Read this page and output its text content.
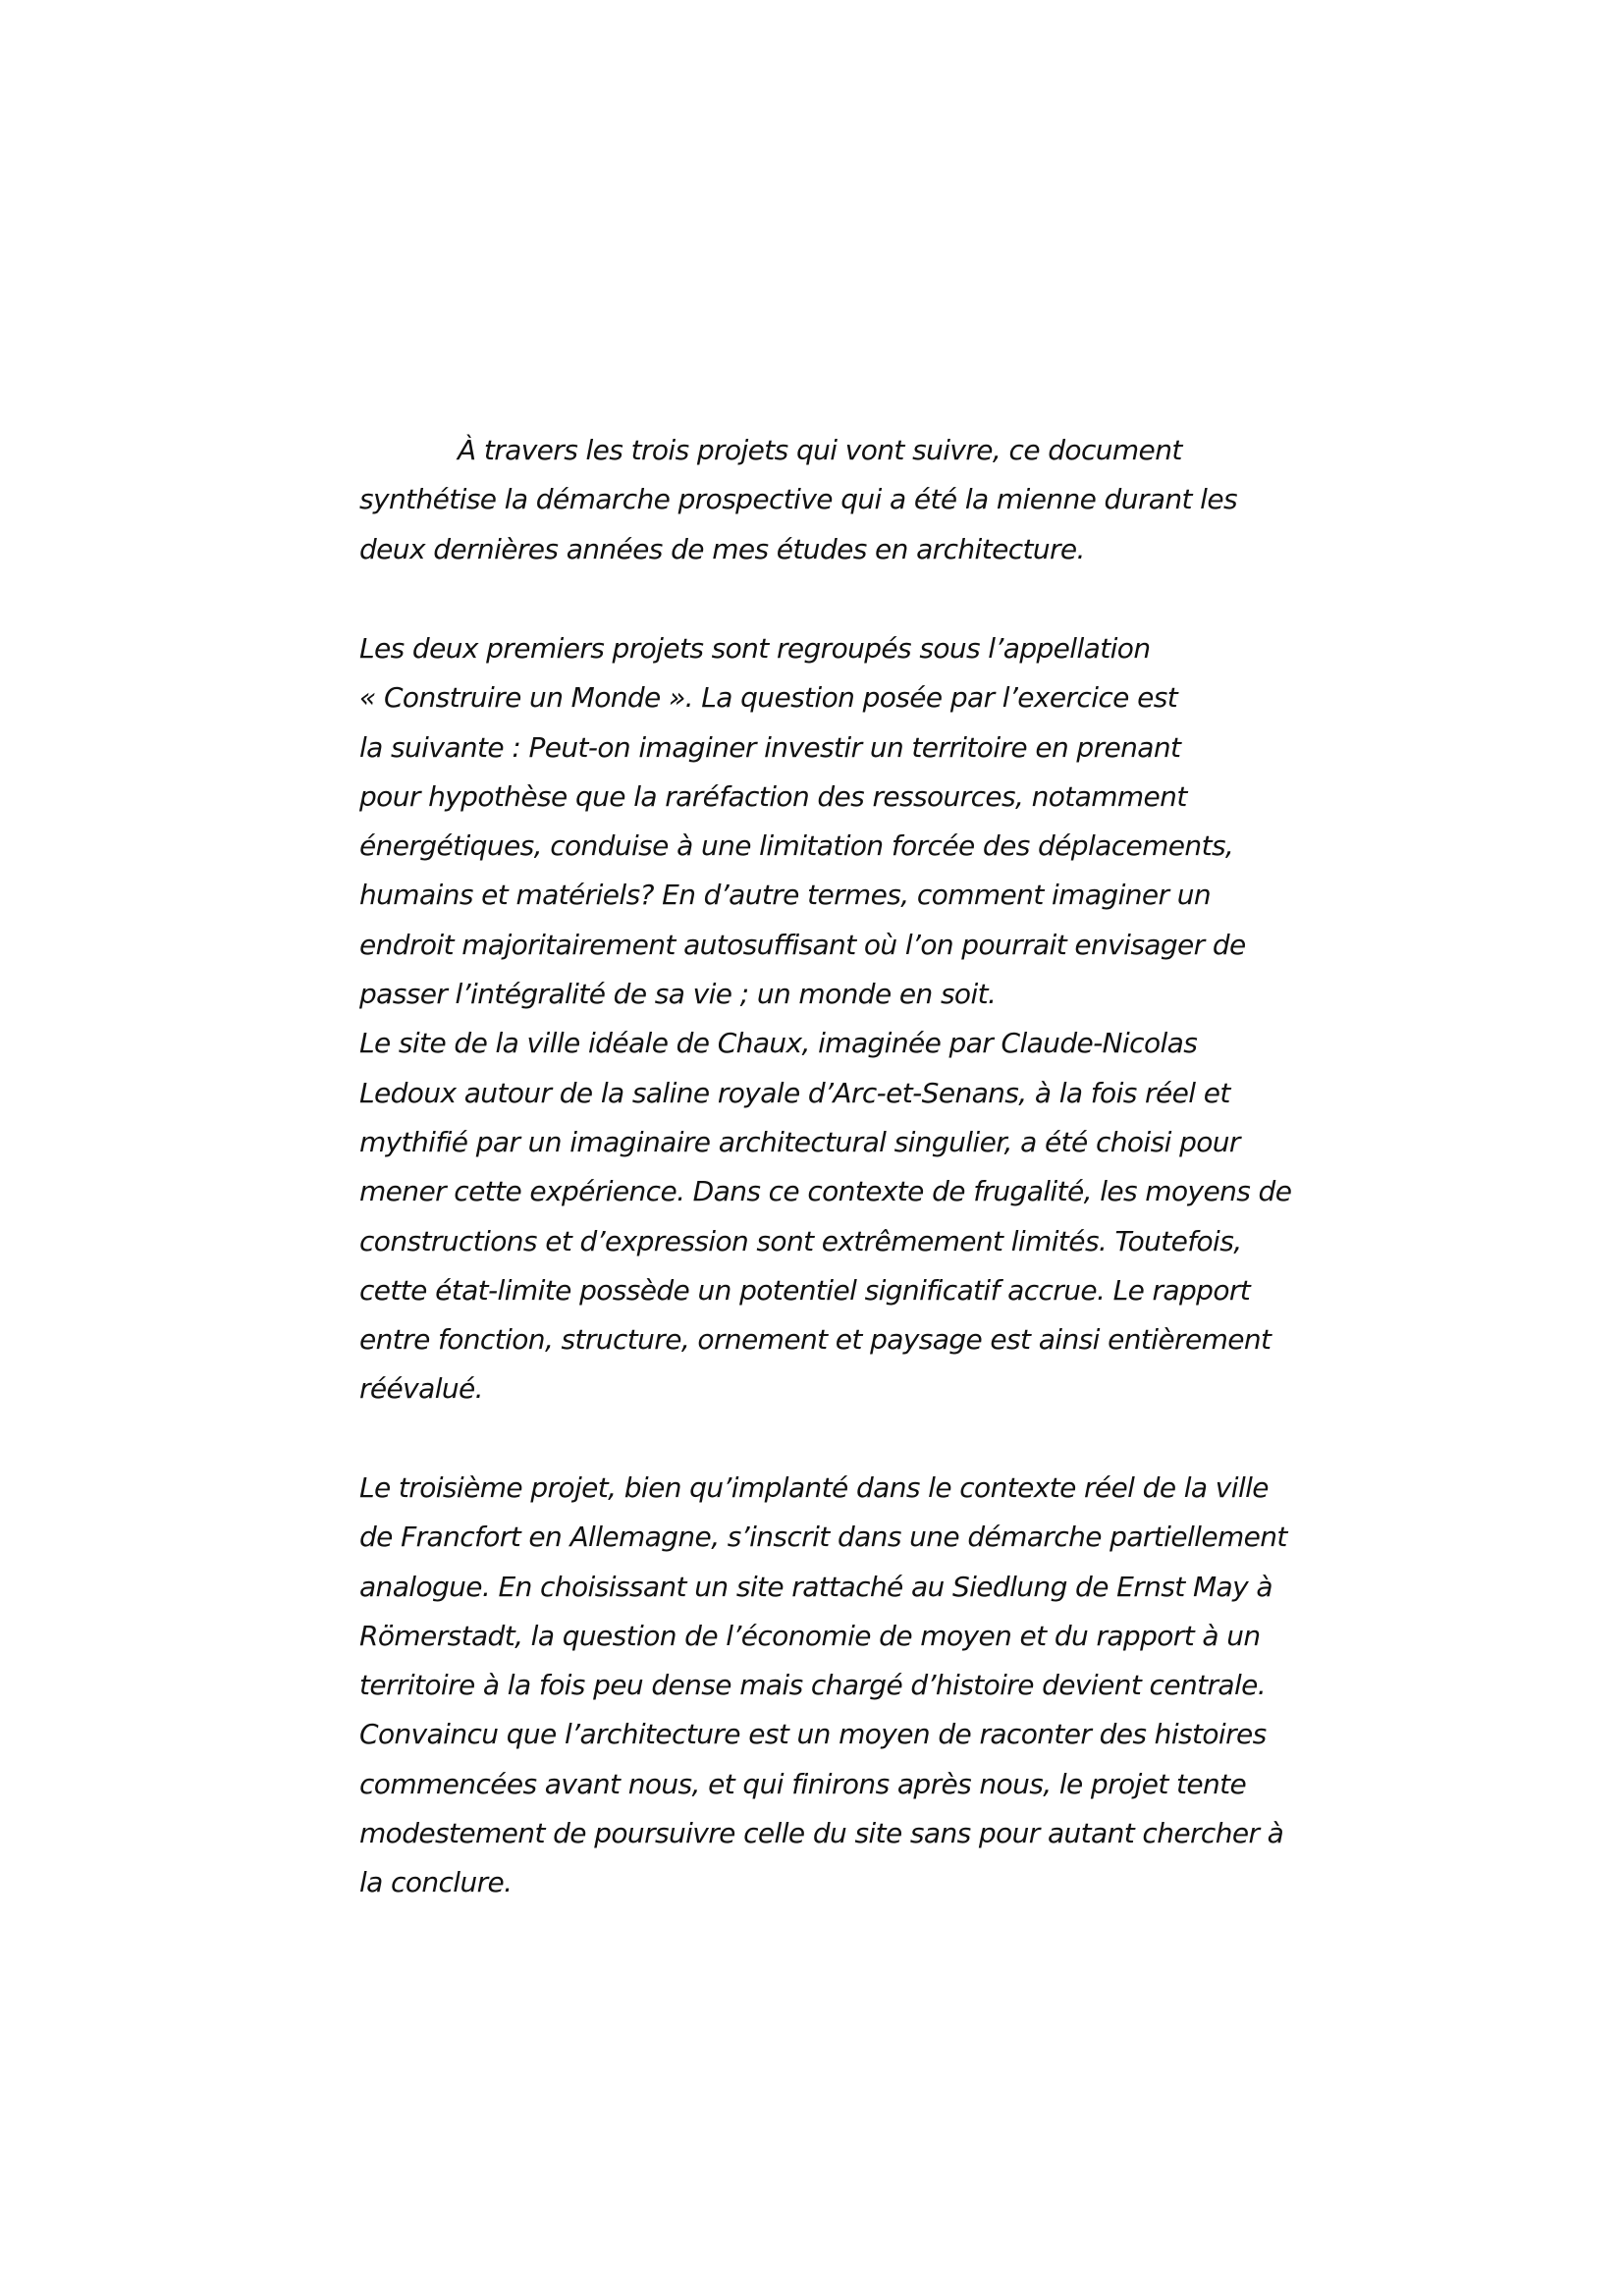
À travers les trois projets qui vont suivre, ce document
synthétise la démarche prospective qui a été la mienne durant les
deux dernières années de mes études en architecture.
Les deux premiers projets sont regroupés sous l’appellation
« Construire un Monde ». La question posée par l’exercice est
la suivante : Peut-on imaginer investir un territoire en prenant
pour hypothèse que la raréfaction des ressources, notamment
énergétiques, conduise à une limitation forcée des déplacements,
humains et matériels? En d’autre termes, comment imaginer un
endroit majoritairement autosuffisant où l’on pourrait envisager de
passer l’intégralité de sa vie ; un monde en soit.
Le site de la ville idéale de Chaux, imaginée par Claude-Nicolas
Ledoux autour de la saline royale d’Arc-et-Senans, à la fois réel et
mythifié par un imaginaire architectural singulier, a été choisi pour
mener cette expérience. Dans ce contexte de frugalité, les moyens de
constructions et d’expression sont extrêmement limités. Toutefois,
cette état-limite possède un potentiel significatif accrue. Le rapport
entre fonction, structure, ornement et paysage est ainsi entièrement
réévalué.
Le troisième projet, bien qu’implanté dans le contexte réel de la ville
de Francfort en Allemagne, s’inscrit dans une démarche partiellement
analogue. En choisissant un site rattaché au Siedlung de Ernst May à
Römerstadt, la question de l’économie de moyen et du rapport à un
territoire à la fois peu dense mais chargé d’histoire devient centrale.
Convaincu que l’architecture est un moyen de raconter des histoires
commencées avant nous, et qui finirons après nous, le projet tente
modestement de poursuivre celle du site sans pour autant chercher à
la conclure.
